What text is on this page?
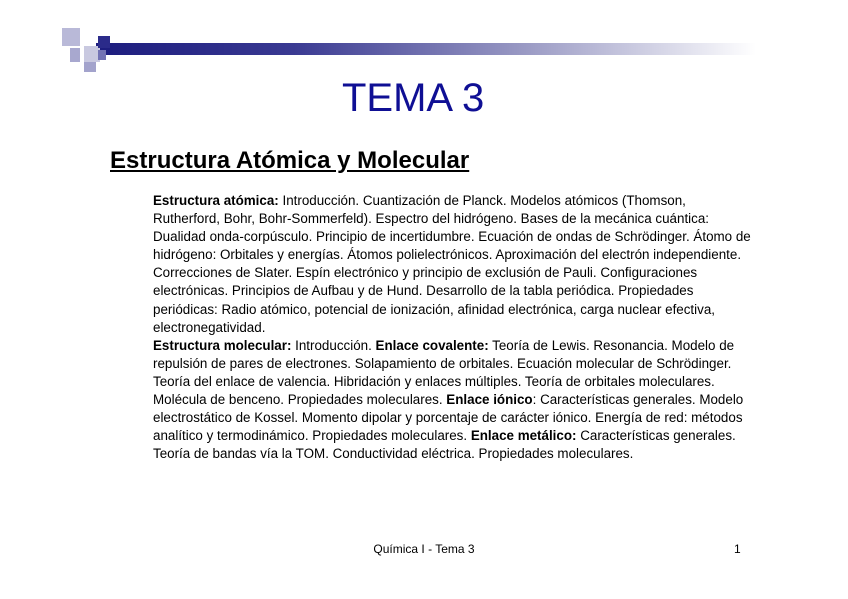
TEMA 3
Estructura Atómica y Molecular
Estructura atómica: Introducción. Cuantización de Planck. Modelos atómicos (Thomson, Rutherford, Bohr, Bohr-Sommerfeld). Espectro del hidrógeno. Bases de la mecánica cuántica: Dualidad onda-corpúsculo. Principio de incertidumbre. Ecuación de ondas de Schrödinger. Átomo de hidrógeno: Orbitales y energías. Átomos polielectrónicos. Aproximación del electrón independiente. Correcciones de Slater. Espín electrónico y principio de exclusión de Pauli. Configuraciones electrónicas. Principios de Aufbau y de Hund. Desarrollo de la tabla periódica. Propiedades periódicas: Radio atómico, potencial de ionización, afinidad electrónica, carga nuclear efectiva, electronegatividad.
Estructura molecular: Introducción. Enlace covalente: Teoría de Lewis. Resonancia. Modelo de repulsión de pares de electrones. Solapamiento de orbitales. Ecuación molecular de Schrödinger. Teoría del enlace de valencia. Hibridación y enlaces múltiples. Teoría de orbitales moleculares. Molécula de benceno. Propiedades moleculares. Enlace iónico: Características generales. Modelo electrostático de Kossel. Momento dipolar y porcentaje de carácter iónico. Energía de red: métodos analítico y termodinámico. Propiedades moleculares. Enlace metálico: Características generales. Teoría de bandas vía la TOM. Conductividad eléctrica. Propiedades moleculares.
Química I - Tema 3	1
